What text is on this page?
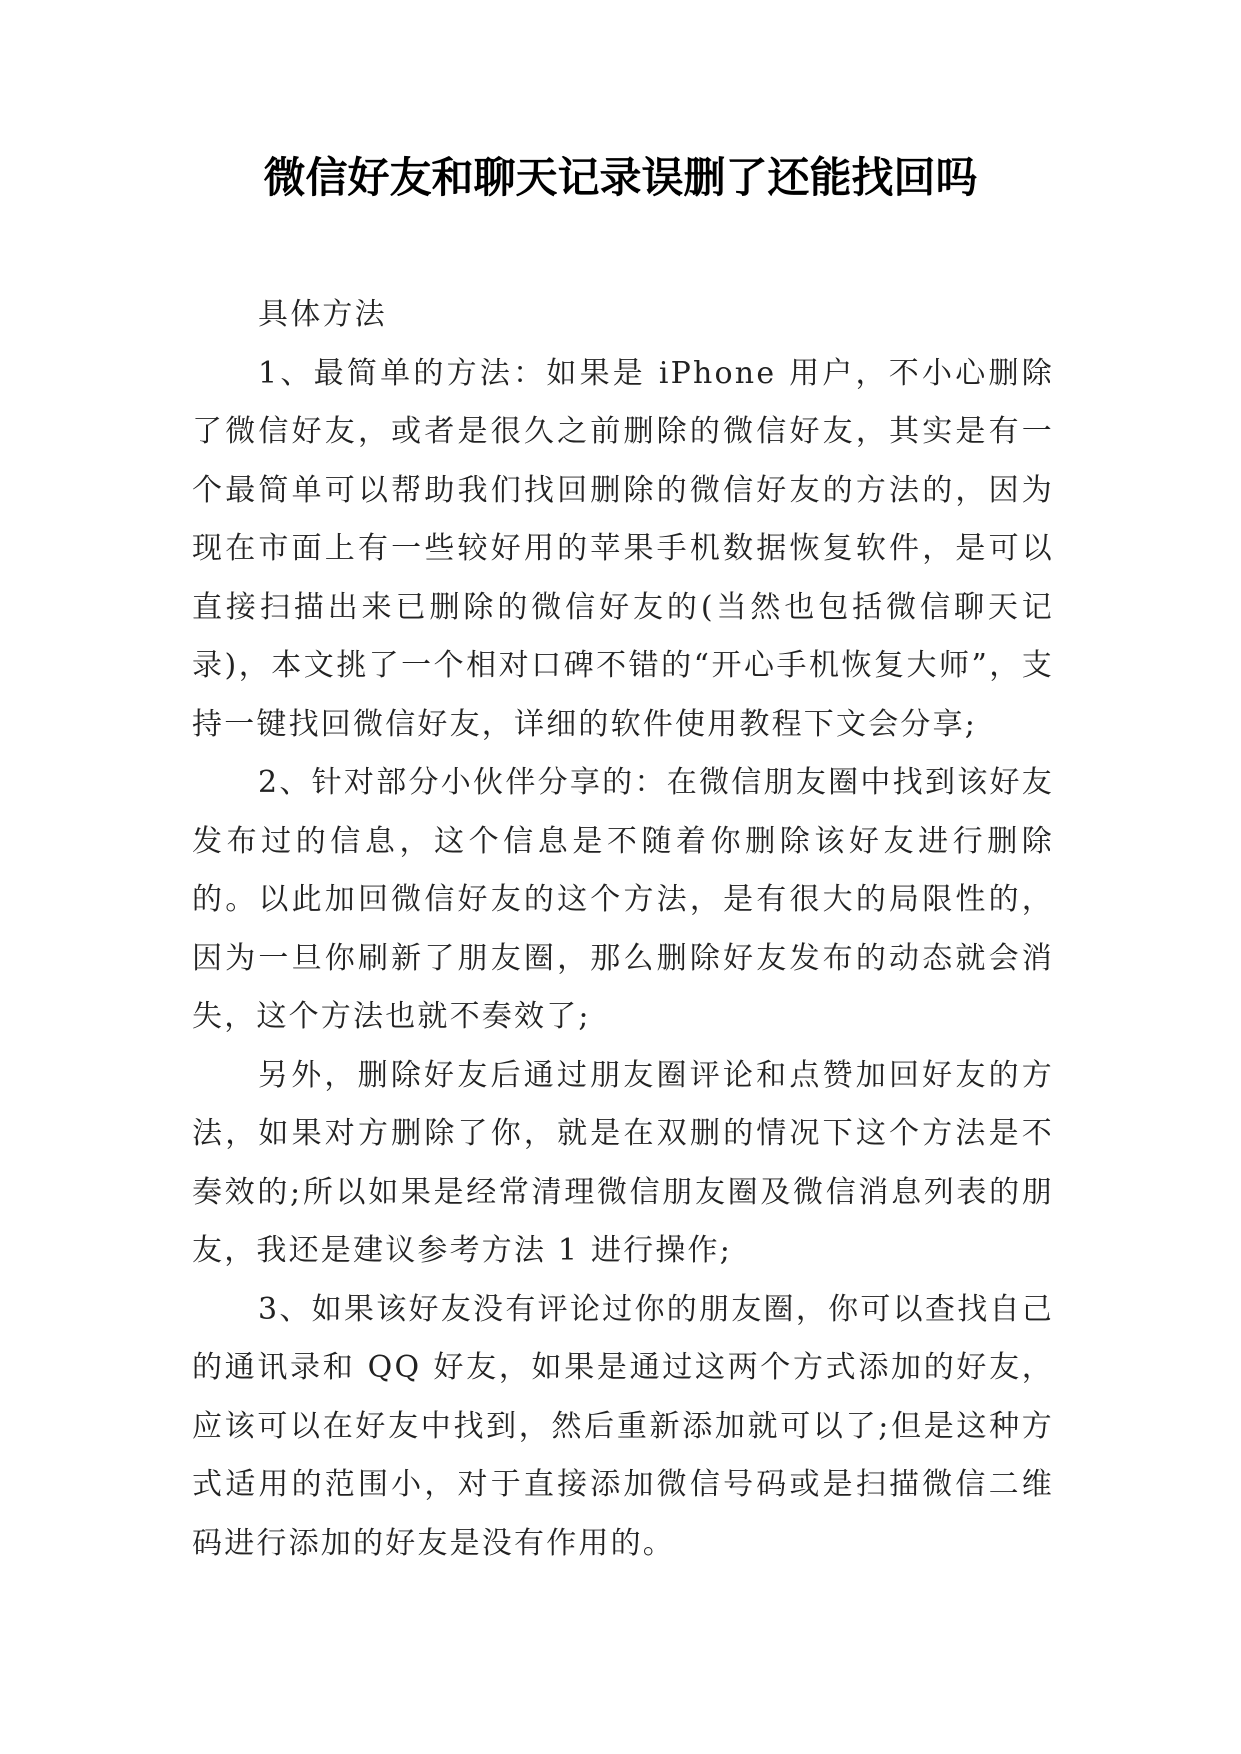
微信好友和聊天记录误删了还能找回吗

具体方法

1、最简单的方法：如果是 iPhone 用户，不小心删除了微信好友，或者是很久之前删除的微信好友，其实是有一个最简单可以帮助我们找回删除的微信好友的方法的，因为现在市面上有一些较好用的苹果手机数据恢复软件，是可以直接扫描出来已删除的微信好友的(当然也包括微信聊天记录)，本文挑了一个相对口碑不错的“开心手机恢复大师”，支持一键找回微信好友，详细的软件使用教程下文会分享;

2、针对部分小伙伴分享的：在微信朋友圈中找到该好友发布过的信息，这个信息是不随着你删除该好友进行删除的。以此加回微信好友的这个方法，是有很大的局限性的，因为一旦你刷新了朋友圈，那么删除好友发布的动态就会消失，这个方法也就不奏效了;

另外，删除好友后通过朋友圈评论和点赞加回好友的方法，如果对方删除了你，就是在双删的情况下这个方法是不奏效的;所以如果是经常清理微信朋友圈及微信消息列表的朋友，我还是建议参考方法 1 进行操作;

3、如果该好友没有评论过你的朋友圈，你可以查找自己的通讯录和 QQ 好友，如果是通过这两个方式添加的好友，应该可以在好友中找到，然后重新添加就可以了;但是这种方式适用的范围小，对于直接添加微信号码或是扫描微信二维码进行添加的好友是没有作用的。
